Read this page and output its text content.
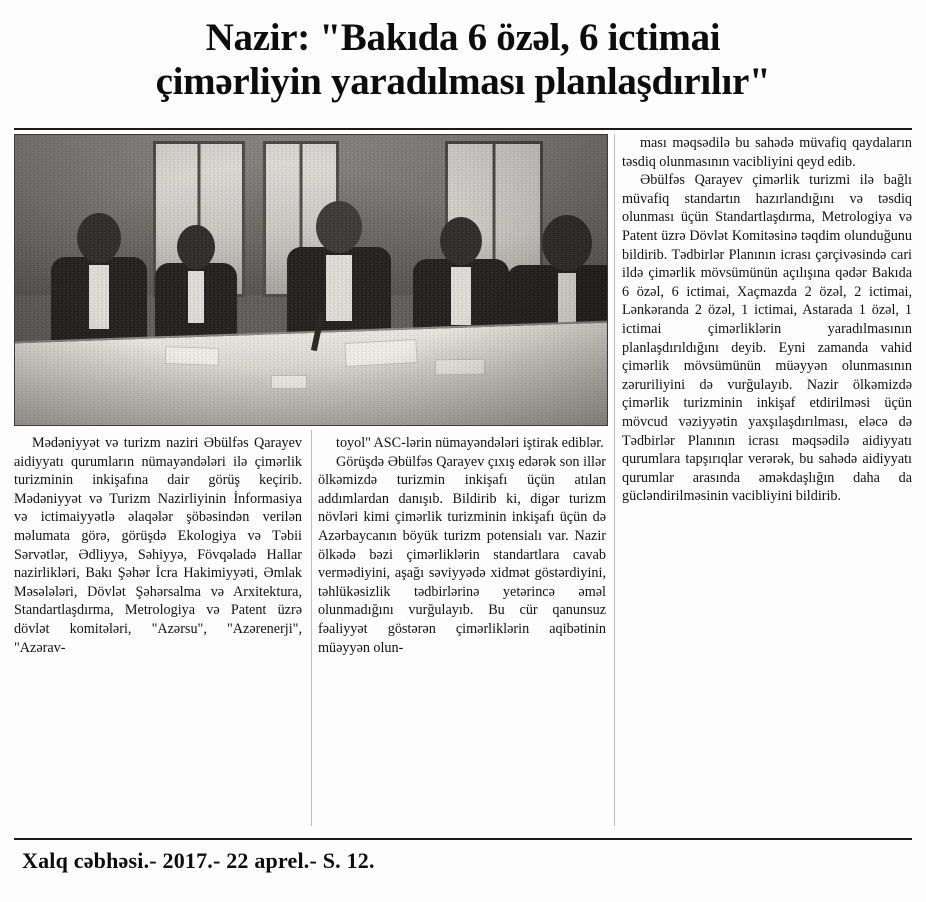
Nazir: "Bakıda 6 özəl, 6 ictimai
çimərliyin yaradılması planlaşdırılır"

Mədəniyyət və turizm naziri Əbülfəs Qarayev aidiyyatı qurumların nümayəndələri ilə çimərlik turizminin inkişafına dair görüş keçirib. Mədəniyyət və Turizm Nazirliyinin İnformasiya və ictimaiyyətlə əlaqələr şöbəsindən verilən məlumata görə, görüşdə Ekologiya və Təbii Sərvətlər, Ədliyyə, Səhiyyə, Fövqəladə Hallar nazirlikləri, Bakı Şəhər İcra Hakimiyyəti, Əmlak Məsələləri, Dövlət Şəhərsalma və Arxitektura, Standartlaşdırma, Metrologiya və Patent üzrə dövlət komitələri, "Azərsu", "Azərenerji", "Azərav-

toyol" ASC-lərin nümayəndələri iştirak ediblər.

Görüşdə Əbülfəs Qarayev çıxış edərək son illər ölkəmizdə turizmin inkişafı üçün atılan addımlardan danışıb. Bildirib ki, digər turizm növləri kimi çimərlik turizminin inkişafı üçün də Azərbaycanın böyük turizm potensialı var. Nazir ölkədə bəzi çimərliklərin standartlara cavab vermədiyini, aşağı səviyyədə xidmət göstərdiyini, təhlükəsizlik tədbirlərinə yetərincə əməl olunmadığını vurğulayıb. Bu cür qanunsuz fəaliyyət göstərən çimərliklərin aqibətinin müəyyən olun-

ması məqsədilə bu sahədə müvafiq qaydaların təsdiq olunmasının vacibliyini qeyd edib.

Əbülfəs Qarayev çimərlik turizmi ilə bağlı müvafiq standartın hazırlandığını və təsdiq olunması üçün Standartlaşdırma, Metrologiya və Patent üzrə Dövlət Komitəsinə təqdim olunduğunu bildirib. Tədbirlər Planının icrası çərçivəsində cari ildə çimərlik mövsümünün açılışına qədər Bakıda 6 özəl, 6 ictimai, Xaçmazda 2 özəl, 2 ictimai, Lənkəranda 2 özəl, 1 ictimai, Astarada 1 özəl, 1 ictimai çimərliklərin yaradılmasının planlaşdırıldığını deyib. Eyni zamanda vahid çimərlik mövsümünün müəyyən olunmasının zəruriliyini də vurğulayıb. Nazir ölkəmizdə çimərlik turizminin inkişaf etdirilməsi üçün mövcud vəziyyətin yaxşılaşdırılması, eləcə də Tədbirlər Planının icrası məqsədilə aidiyyatı qurumlara tapşırıqlar verərək, bu sahədə aidiyyatı qurumlar arasında əməkdaşlığın daha da gücləndirilməsinin vacibliyini bildirib.

Xalq cəbhəsi.- 2017.- 22 aprel.- S. 12.
